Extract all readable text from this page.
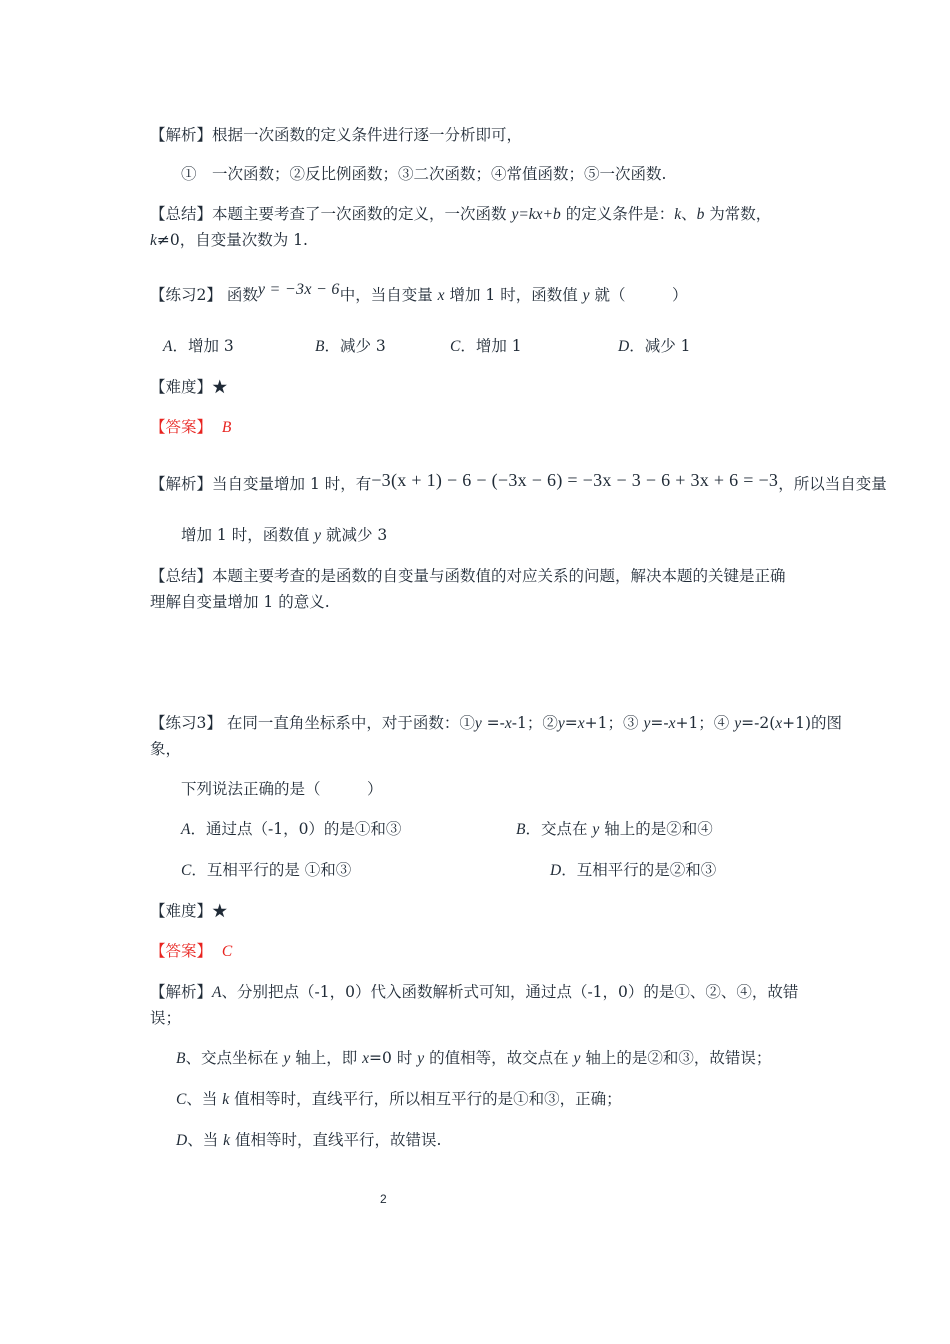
【解析】根据一次函数的定义条件进行逐一分析即可，
①　一次函数；②反比例函数；③二次函数；④常值函数；⑤一次函数.
【总结】本题主要考查了一次函数的定义，一次函数 y=kx+b 的定义条件是：k、b 为常数，
k≠0，自变量次数为 1.
【练习2】 函数y = −3x − 6中，当自变量 x 增加 1 时，函数值 y 就（　　　）
A．增加 3	B．减少 3	C．增加 1	D．减少 1
【难度】★
【答案】 B
【解析】当自变量增加 1 时，有−3(x + 1) − 6 − (−3x − 6) = −3x − 3 − 6 + 3x + 6 = −3，所以当自变量
增加 1 时，函数值 y 就减少 3
【总结】本题主要考查的是函数的自变量与函数值的对应关系的问题，解决本题的关键是正确
理解自变量增加 1 的意义.
【练习3】 在同一直角坐标系中，对于函数：①y =-x-1；②y=x+1；③ y=-x+1；④ y=-2(x+1)的图
象，
下列说法正确的是（　　　）
A．通过点（-1，0）的是①和③	B．交点在 y 轴上的是②和④
C．互相平行的是 ①和③	D．互相平行的是②和③
【难度】★
【答案】 C
【解析】A、分别把点（-1，0）代入函数解析式可知，通过点（-1，0）的是①、②、④，故错
误；
B、交点坐标在 y 轴上，即 x=0 时 y 的值相等，故交点在 y 轴上的是②和③，故错误；
C、当 k 值相等时，直线平行，所以相互平行的是①和③，正确；
D、当 k 值相等时，直线平行，故错误.
2
